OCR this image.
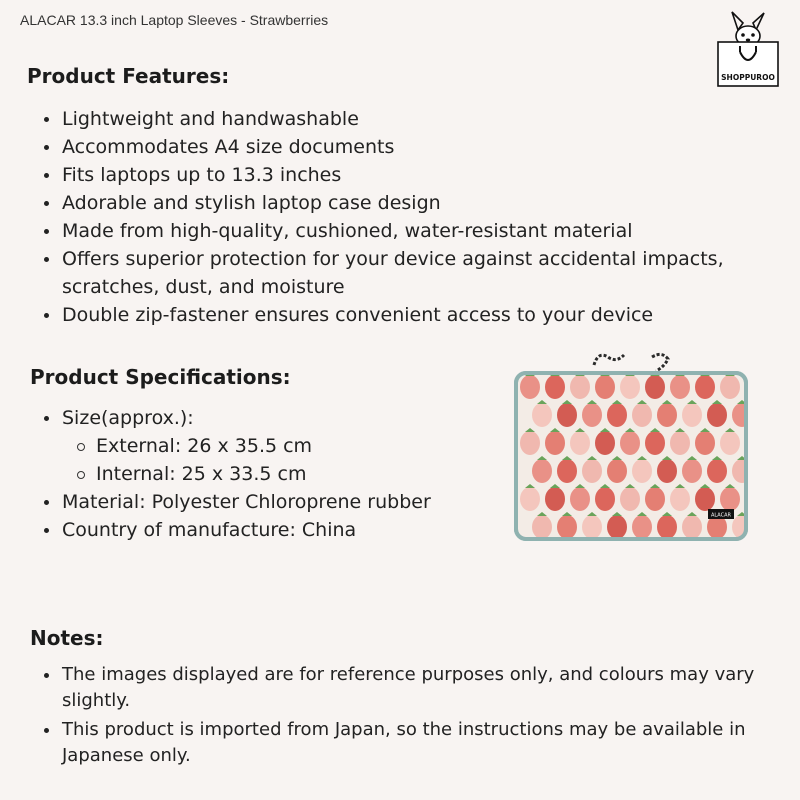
ALACAR 13.3 inch Laptop Sleeves - Strawberries
SHOPPUROO
Product Features:
Lightweight and handwashable
Accommodates A4 size documents
Fits laptops up to 13.3 inches
Adorable and stylish laptop case design
Made from high-quality, cushioned, water-resistant material
Offers superior protection for your device against accidental impacts, scratches, dust, and moisture
Double zip-fastener ensures convenient access to your device
Product Specifications:
Size(approx.):
External: 26 x 35.5 cm
Internal: 25 x 33.5 cm
Material: Polyester Chloroprene rubber
Country of manufacture: China
ALACAR
Notes:
The images displayed are for reference purposes only, and colours may vary slightly.
This product is imported from Japan, so the instructions may be available in Japanese only.
